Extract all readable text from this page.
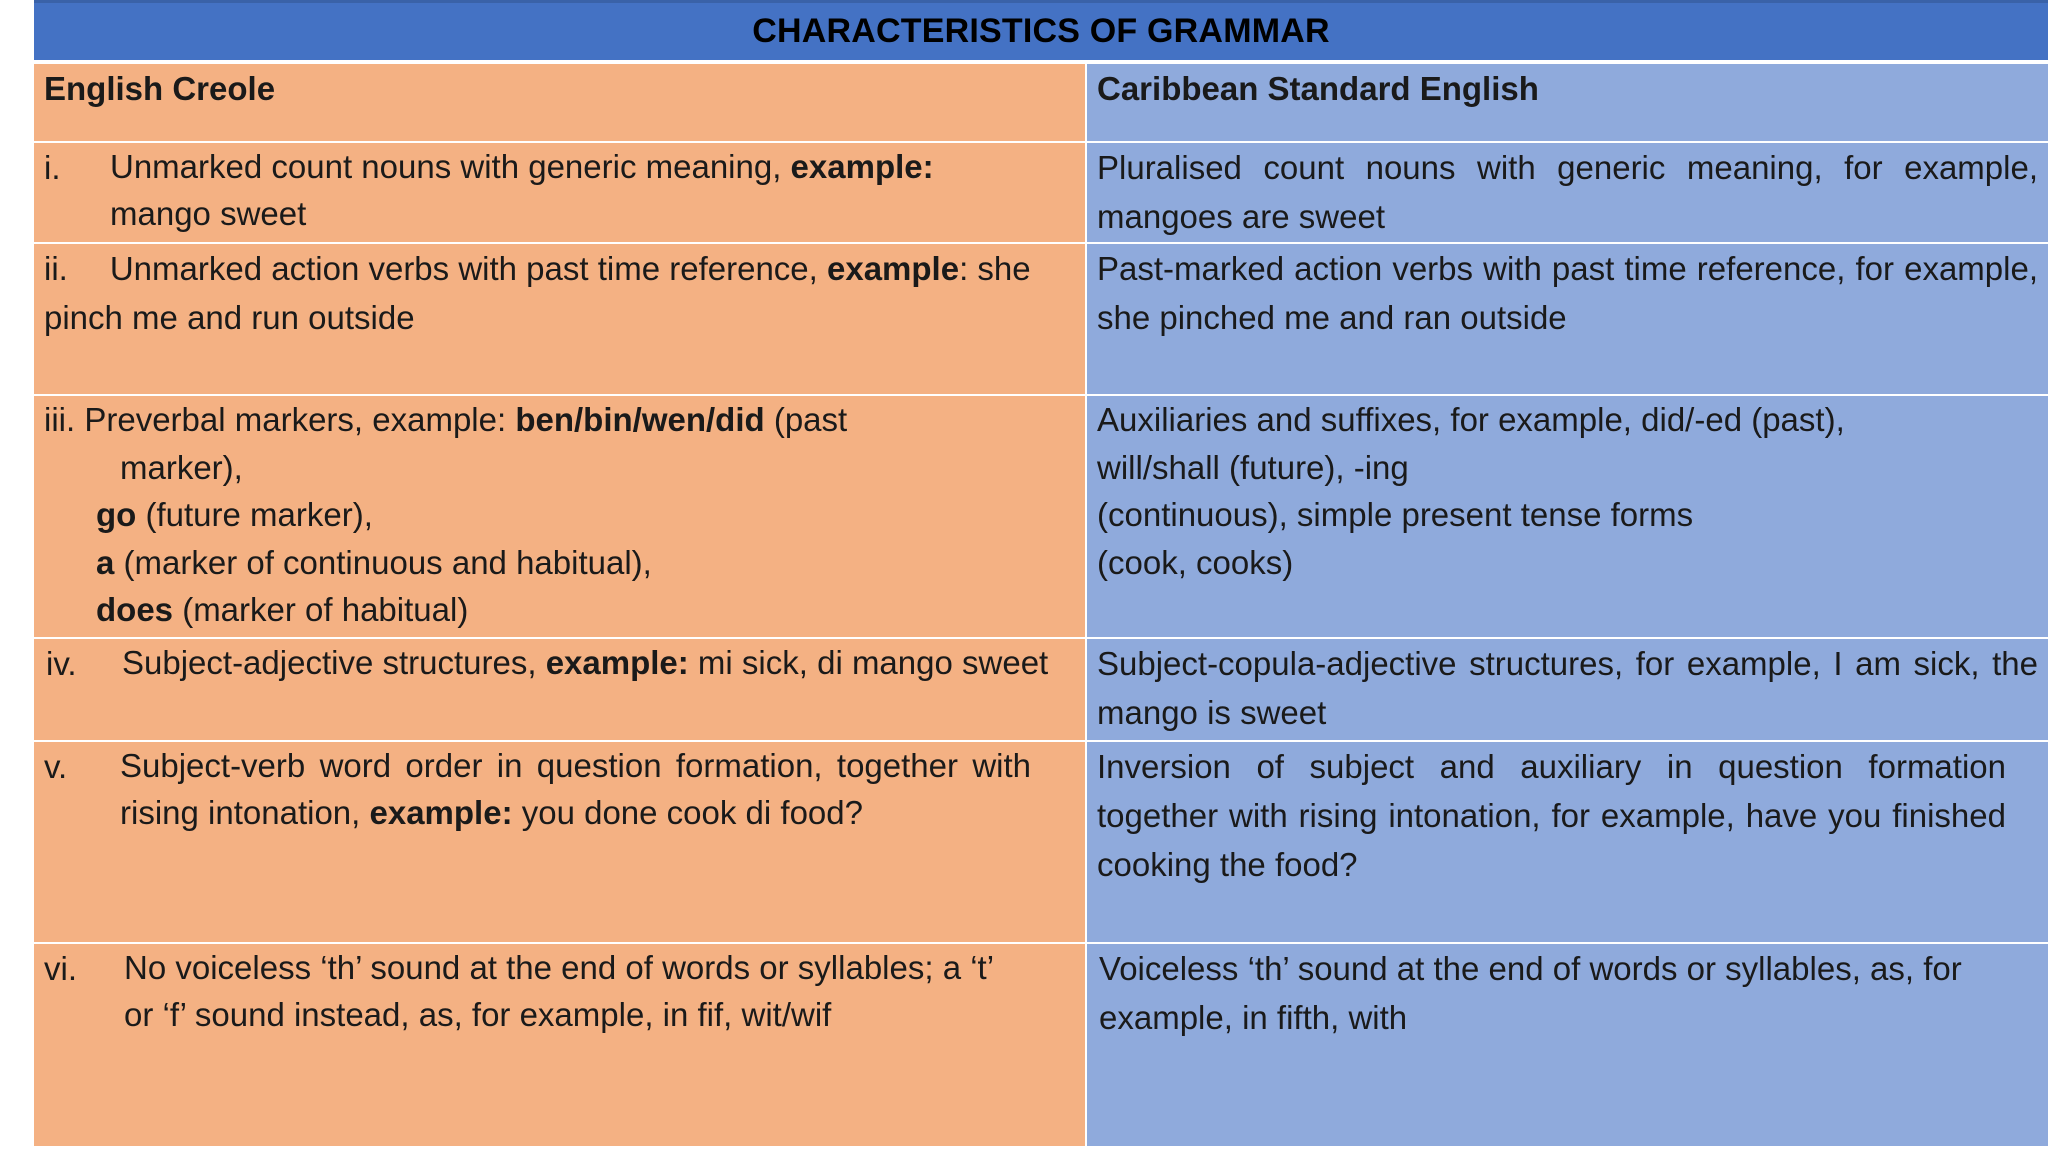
CHARACTERISTICS OF GRAMMAR
English Creole	Caribbean Standard English

i. Unmarked count nouns with generic meaning, example: mango sweet	Pluralised count nouns with generic meaning, for example, mangoes are sweet
ii. Unmarked action verbs with past time reference, example: she pinch me and run outside	Past-marked action verbs with past time reference, for example, she pinched me and ran outside

iii. Preverbal markers, example: ben/bin/wen/did (past
marker),
go (future marker),
a (marker of continuous and habitual),
does (marker of habitual)	Auxiliaries and suffixes, for example, did/-ed (past),
will/shall (future), -ing
(continuous), simple present tense forms
(cook, cooks)

iv. Subject-adjective structures, example: mi sick, di mango sweet	Subject-copula-adjective structures, for example, I am sick, the mango is sweet

v. Subject-verb word order in question formation, together with rising intonation, example: you done cook di food?	Inversion of subject and auxiliary in question formation together with rising intonation, for example, have you finished cooking the food?

vi. No voiceless ‘th’ sound at the end of words or syllables; a ‘t’ or ‘f’ sound instead, as, for example, in fif, wit/wif	Voiceless ‘th’ sound at the end of words or syllables, as, for example, in fifth, with
